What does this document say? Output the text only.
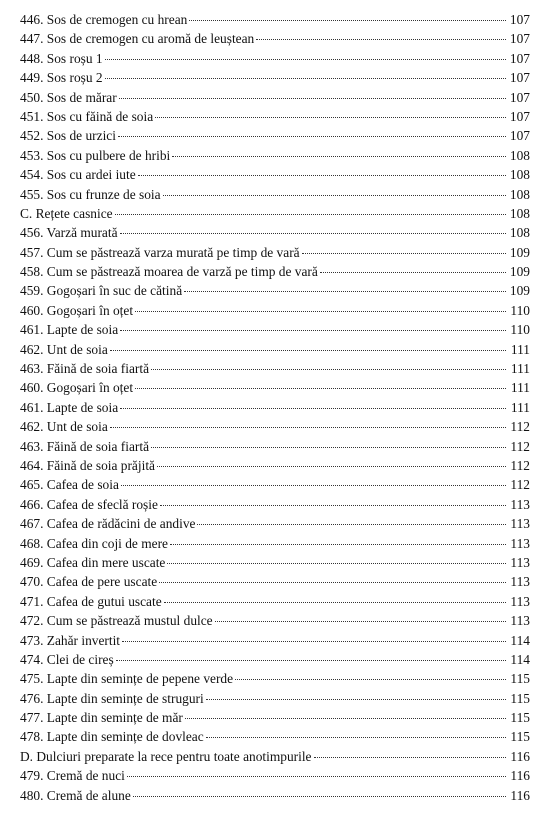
446. Sos de cremogen cu hrean	107
447. Sos de cremogen cu aromă de leuștean	107
448. Sos roșu 1	107
449. Sos roșu 2	107
450. Sos de mărar	107
451. Sos cu făină de soia	107
452. Sos de urzici	107
453. Sos cu pulbere de hribi	108
454. Sos cu ardei iute	108
455. Sos cu frunze de soia	108
C. Rețete casnice	108
456. Varză murată	108
457. Cum se păstrează varza murată pe timp de vară	109
458. Cum se păstrează moarea de varză pe timp de vară	109
459. Gogoșari în suc de cătină	109
460. Gogoșari în oțet	110
461. Lapte de soia	110
462. Unt de soia	111
463. Făină de soia fiartă	111
460. Gogoșari în oțet	111
461. Lapte de soia	111
462. Unt de soia	112
463. Făină de soia fiartă	112
464. Făină de soia prăjită	112
465. Cafea de soia	112
466. Cafea de sfeclă roșie	113
467. Cafea de rădăcini de andive	113
468. Cafea din coji de mere	113
469. Cafea din mere uscate	113
470. Cafea de pere uscate	113
471. Cafea de gutui uscate	113
472. Cum se păstrează mustul dulce	113
473. Zahăr invertit	114
474. Clei de cireș	114
475. Lapte din semințe de pepene verde	115
476. Lapte din semințe de struguri	115
477. Lapte din semințe de măr	115
478. Lapte din semințe de dovleac	115
D. Dulciuri preparate la rece pentru toate anotimpurile	116
479. Cremă de nuci	116
480. Cremă de alune	116
